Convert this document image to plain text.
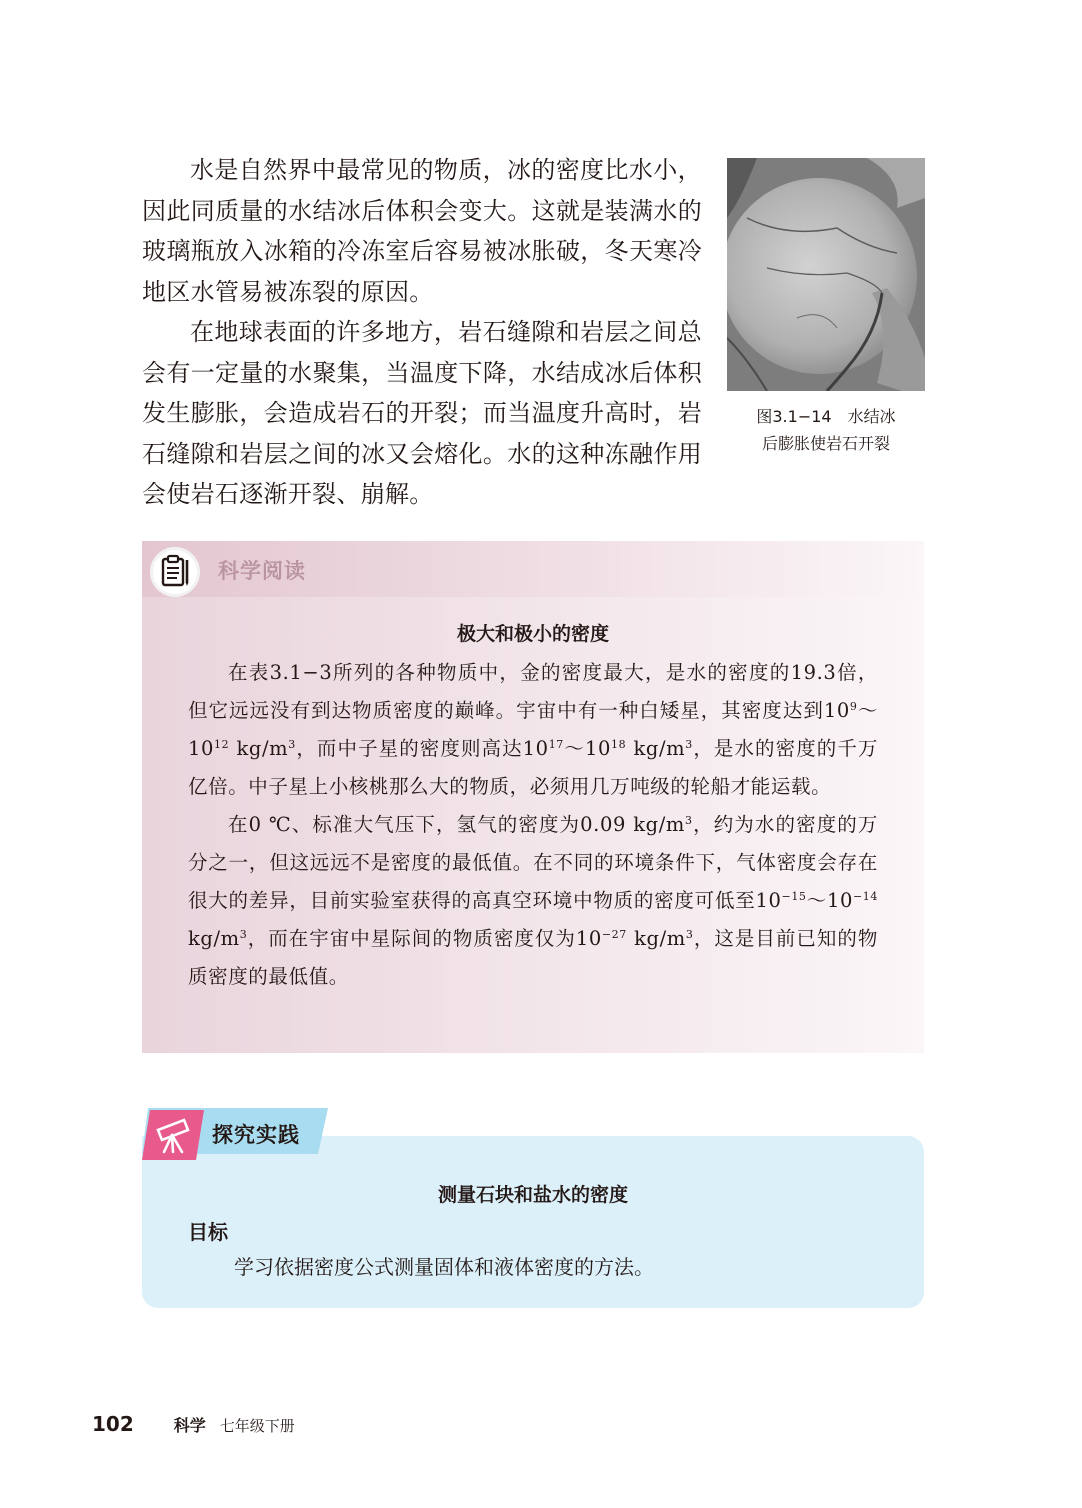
水是自然界中最常见的物质，冰的密度比水小，因此同质量的水结冰后体积会变大。这就是装满水的玻璃瓶放入冰箱的冷冻室后容易被冰胀破，冬天寒冷地区水管易被冻裂的原因。

在地球表面的许多地方，岩石缝隙和岩层之间总会有一定量的水聚集，当温度下降，水结成冰后体积发生膨胀，会造成岩石的开裂；而当温度升高时，岩石缝隙和岩层之间的冰又会熔化。水的这种冻融作用会使岩石逐渐开裂、崩解。

图3.1−14 水结冰
后膨胀使岩石开裂
科学阅读
极大和极小的密度

在表3.1−3所列的各种物质中，金的密度最大，是水的密度的19.3倍，但它远远没有到达物质密度的巅峰。宇宙中有一种白矮星，其密度达到$10^9\sim 10^{12}$ $kg/m^3$，而中子星的密度则高达$10^{17}\sim 10^{18}$ $kg/m^3$，是水的密度的千万亿倍。中子星上小核桃那么大的物质，必须用几万吨级的轮船才能运载。

在0 ℃、标准大气压下，氢气的密度为0.09 $kg/m^3$，约为水的密度的万分之一，但这远远不是密度的最低值。在不同的环境条件下，气体密度会存在很大的差异，目前实验室获得的高真空环境中物质的密度可低至$10^{-15}\sim 10^{-14}$ $kg/m^3$，而在宇宙中星际间的物质密度仅为$10^{-27}$ $kg/m^3$，这是目前已知的物质密度的最低值。

测量石块和盐水的密度
目标
学习依据密度公式测量固体和液体密度的方法。
探究实践
102	科学 七年级下册
